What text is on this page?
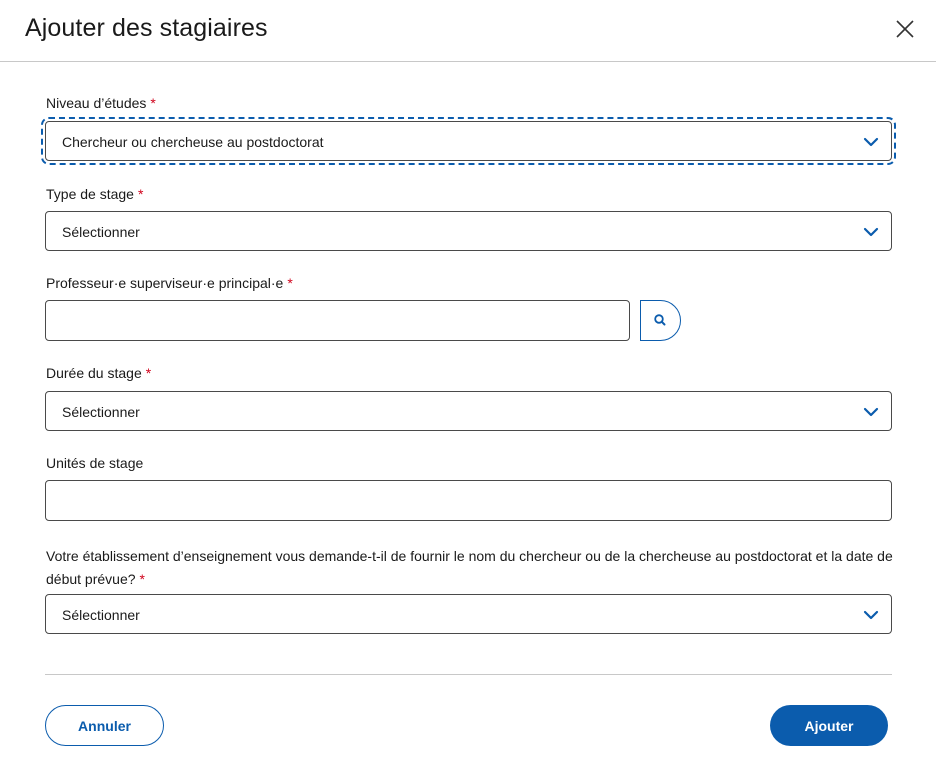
Ajouter des stagiaires
Niveau d’études *
Chercheur ou chercheuse au postdoctorat
Type de stage *
Sélectionner
Professeur·e superviseur·e principal·e *
Durée du stage *
Sélectionner
Unités de stage
Votre établissement d’enseignement vous demande-t-il de fournir le nom du chercheur ou de la chercheuse au postdoctorat et la date de début prévue? *
Sélectionner
Annuler	Ajouter
